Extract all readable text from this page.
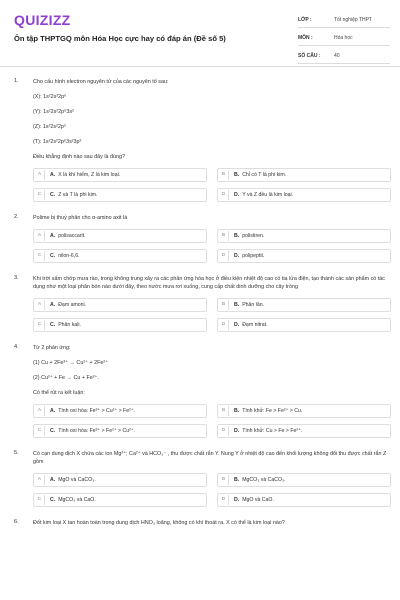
QUIZIZZ
Ôn tập THPTGQ môn Hóa Học cực hay có đáp án (Đề số 5)
LỚP :	Tốt nghiệp THPT
MÔN :	Hóa học
SỐ CÂU :	40
1.	Cho cấu hình electron nguyên tử của các nguyên tố sau:
(X): 1s²2s²2p⁶
(Y): 1s²2s²2p⁶3s²
(Z): 1s²2s²2p⁵
(T): 1s²2s²2p⁶3s²3p³
Điều khẳng định nào sau đây là đúng?
A	A. X là khí hiếm, Z là kim loại.	B	B. Chỉ có T là phi kim.
C	C. Z và T là phi kim.	D	D. Y và Z đều là kim loại.
2.	Polime bị thuỷ phân cho α-amino axit là
A	A. polisaccarit.	B	B. polistiren.
C	C. nilon-6,6.	D	D. polipeptit.
3.	Khi trời sấm chớp mưa rào, trong không trung xảy ra các phản ứng hóa học ở điều kiện nhiệt độ cao có tia lửa điện, tạo thành các sản phẩm có tác dụng như một loại phân bón nào dưới đây, theo nước mưa rơi xuống, cung cấp chất dinh dưỡng cho cây trồng
A	A. Đạm amoni.	B	B. Phân lân.
C	C. Phân kali.	D	D. Đạm nitrat.
4.	Từ 2 phản ứng:
(1) Cu + 2Fe³⁺ → Cu²⁺ + 2Fe²⁺
(2) Cu²⁺ + Fe → Cu + Fe²⁺.
Có thể rút ra kết luận:
A	A. Tính oxi hóa: Fe³⁺ > Cu²⁺ > Fe²⁺.	B	B. Tính khử: Fe > Fe²⁺ > Cu.
C	C. Tính oxi hóa: Fe³⁺ > Fe²⁺ > Cu²⁺.	D	D. Tính khử: Cu > Fe > Fe²⁺.
5.	Có cạn dung dịch X chứa các ion Mg²⁺; Ca²⁺ và HCO₃⁻ , thu được chất rắn Y. Nung Y ở nhiệt độ cao đến khối lượng không đổi thu được chất rắn Z gồm
A	A. MgO và CaCO₃.	B	B. MgCO₃ và CaCO₃.
C	C. MgCO₃ và CaO.	D	D. MgO và CaO.
6.	Đốt kim loại X tan hoàn toàn trong dung dịch HNO₃ loãng, không có khí thoát ra. X có thể là kim loại nào?
